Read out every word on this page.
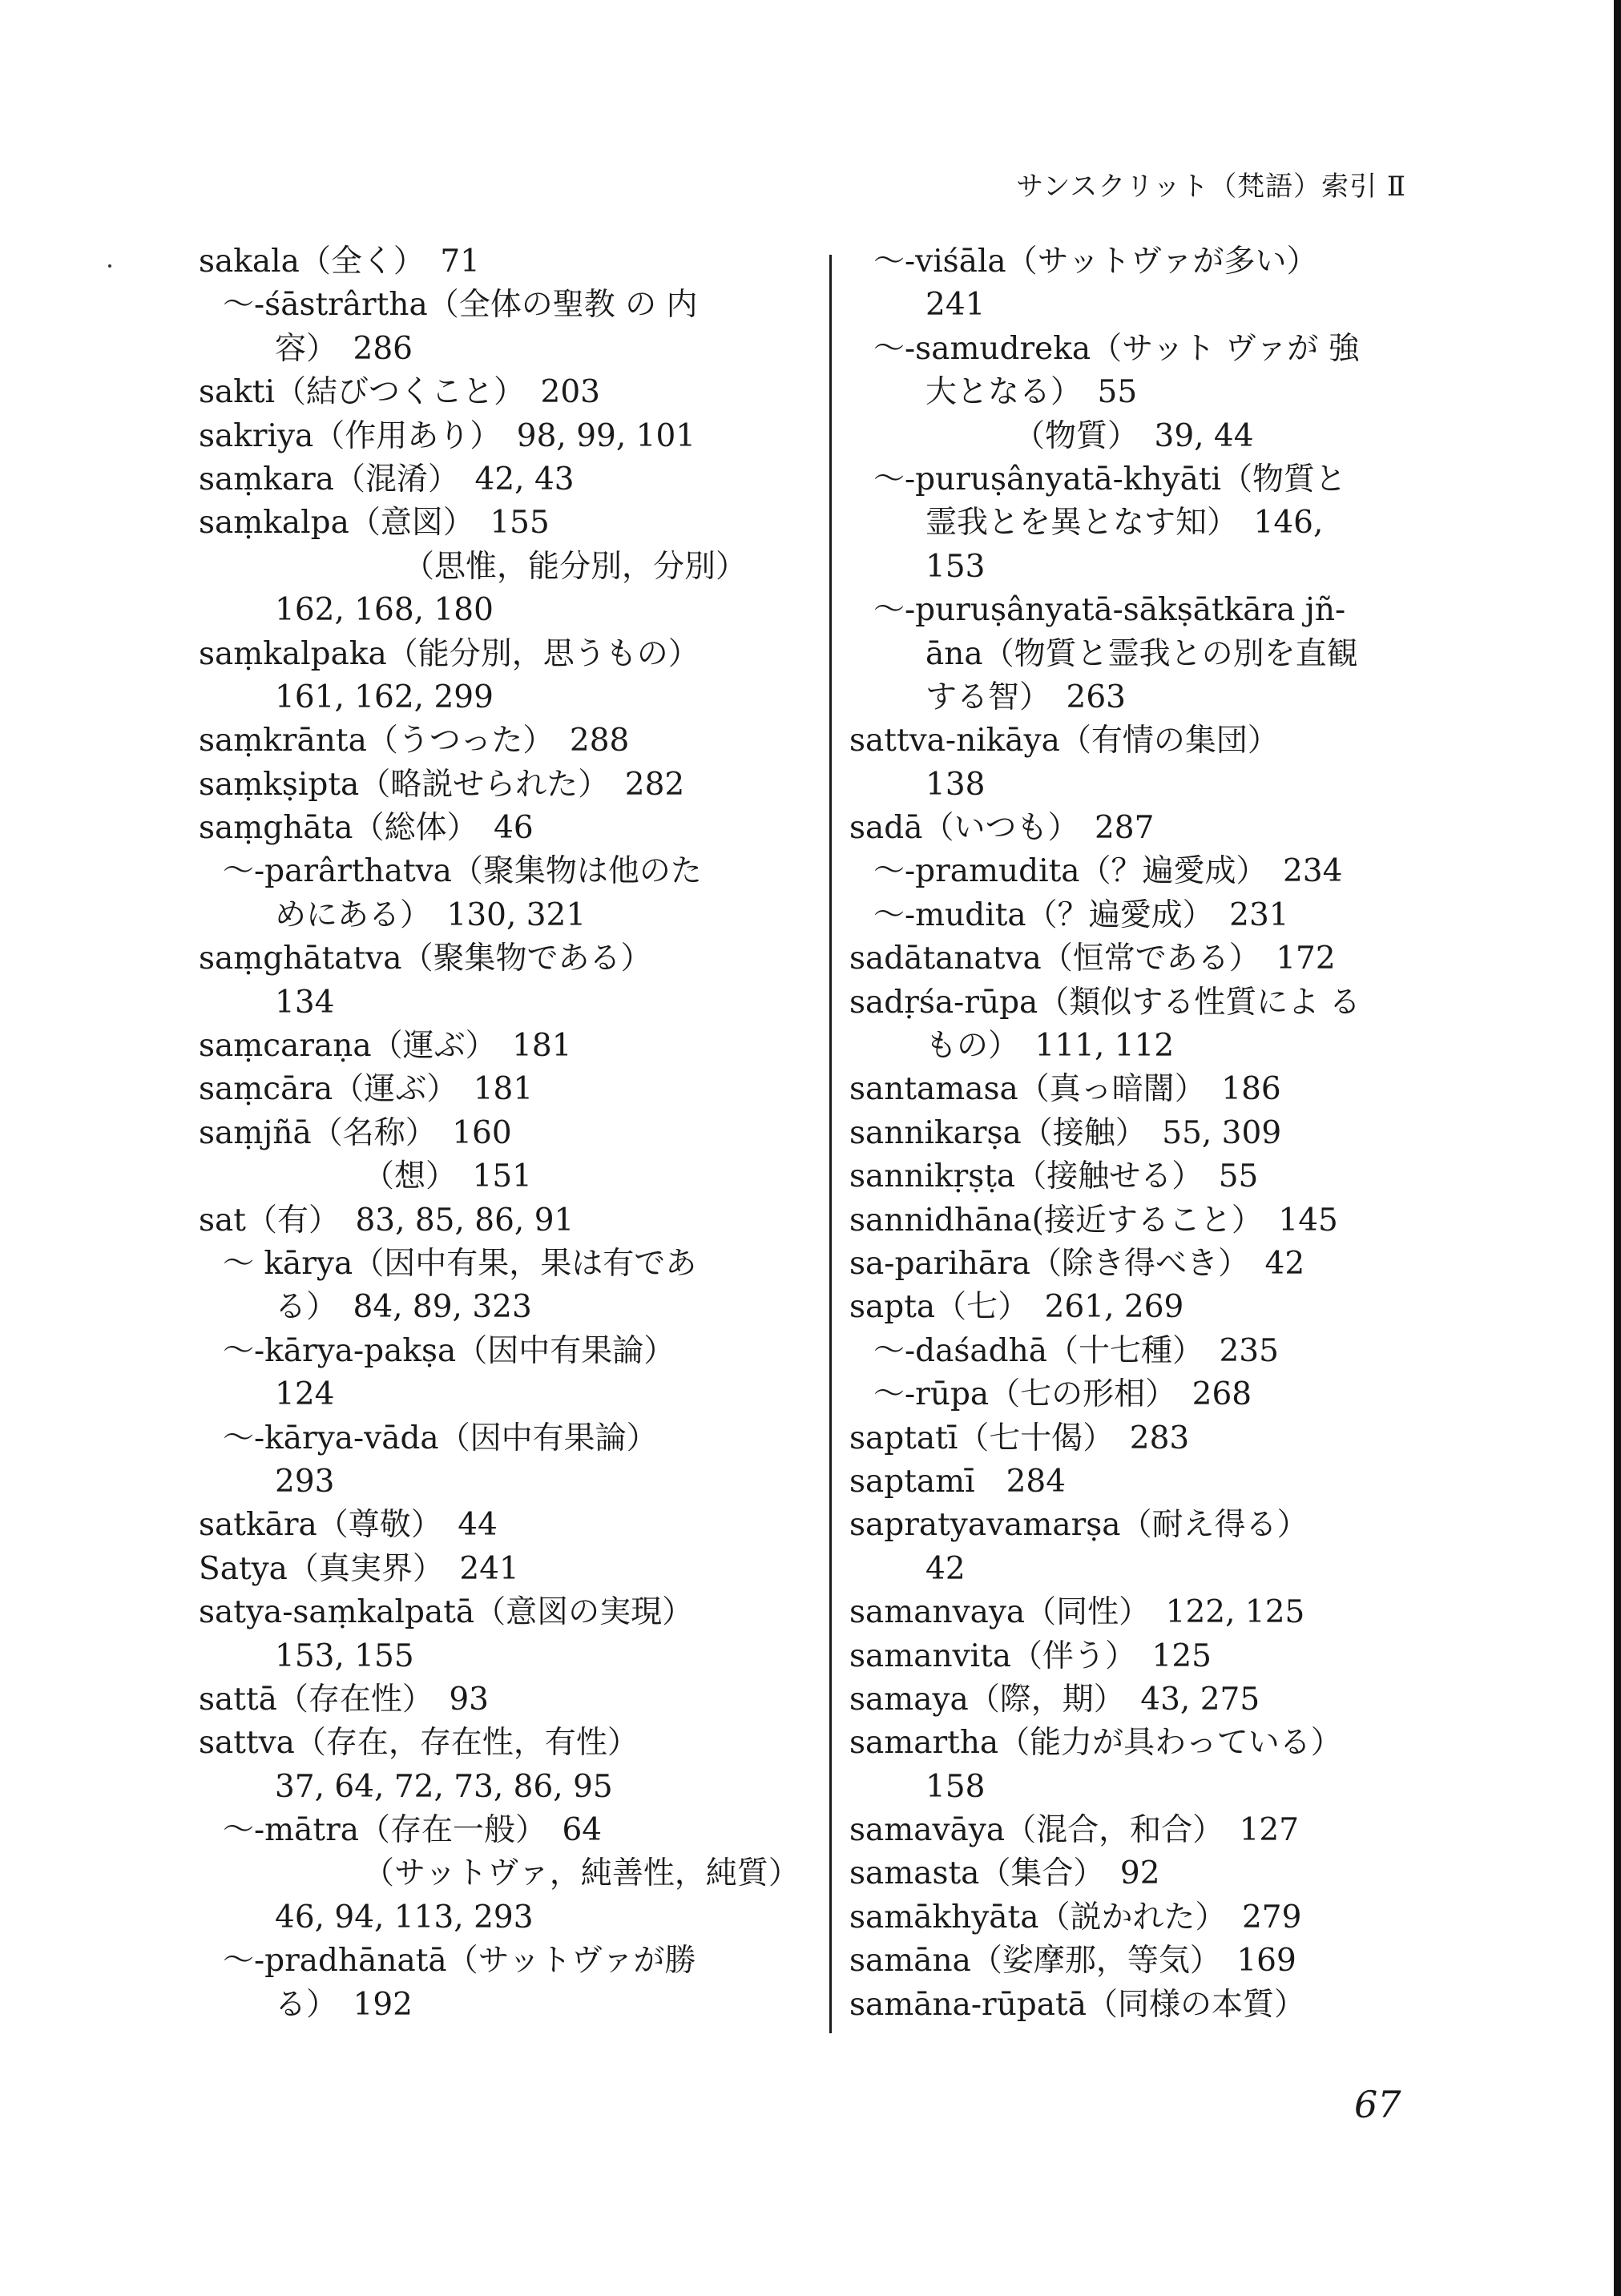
サンスクリット（梵語）索引 Ⅱ
sakala（全く）　71
～-śāstrârtha（全体の聖教 の 内
容）　286
sakti（結びつくこと）　203
sakriya（作用あり）　98, 99, 101
saṃkara（混淆）　42, 43
saṃkalpa（意図）　155
（思惟，能分別，分別）
162, 168, 180
saṃkalpaka（能分別，思うもの）
161, 162, 299
saṃkrānta（うつった）　288
saṃkṣipta（略説せられた）　282
saṃghāta（総体）　46
～-parârthatva（聚集物は他のた
めにある）　130, 321
saṃghātatva（聚集物である）
134
saṃcaraṇa（運ぶ）　181
saṃcāra（運ぶ）　181
saṃjñā（名称）　160
（想）　151
sat（有）　83, 85, 86, 91
～ kārya（因中有果，果は有であ
る）　84, 89, 323
～-kārya-pakṣa（因中有果論）
124
～-kārya-vāda（因中有果論）
293
satkāra（尊敬）　44
Satya（真実界）　241
satya-saṃkalpatā（意図の実現）
153, 155
sattā（存在性）　93
sattva（存在，存在性，有性）
37, 64, 72, 73, 86, 95
～-mātra（存在一般）　64
（サットヴァ，純善性，純質）
46, 94, 113, 293
～-pradhānatā（サットヴァが勝
る）　192
～-viśāla（サットヴァが多い）
241
～-samudreka（サット ヴァが 強
大となる）　55
（物質）　39, 44
～-puruṣânyatā-khyāti（物質と
霊我とを異となす知）　146,
153
～-puruṣânyatā-sākṣātkāra jñ-
āna（物質と霊我との別を直観
する智）　263
sattva-nikāya（有情の集団）
138
sadā（いつも）　287
～-pramudita（？遍愛成）　234
～-mudita（？遍愛成）　231
sadātanatva（恒常である）　172
sadṛśa-rūpa（類似する性質によ る
もの）　111, 112
santamasa（真っ暗闇）　186
sannikarṣa（接触）　55, 309
sannikṛṣṭa（接触せる）　55
sannidhāna(接近すること）　145
sa-parihāra（除き得べき）　42
sapta（七）　261, 269
～-daśadhā（十七種）　235
～-rūpa（七の形相）　268
saptatī（七十偈）　283
saptamī　284
sapratyavamarṣa（耐え得る）
42
samanvaya（同性）　122, 125
samanvita（伴う）　125
samaya（際，期）　43, 275
samartha（能力が具わっている）
158
samavāya（混合，和合）　127
samasta（集合）　92
samākhyāta（説かれた）　279
samāna（娑摩那，等気）　169
samāna-rūpatā（同様の本質）
67
